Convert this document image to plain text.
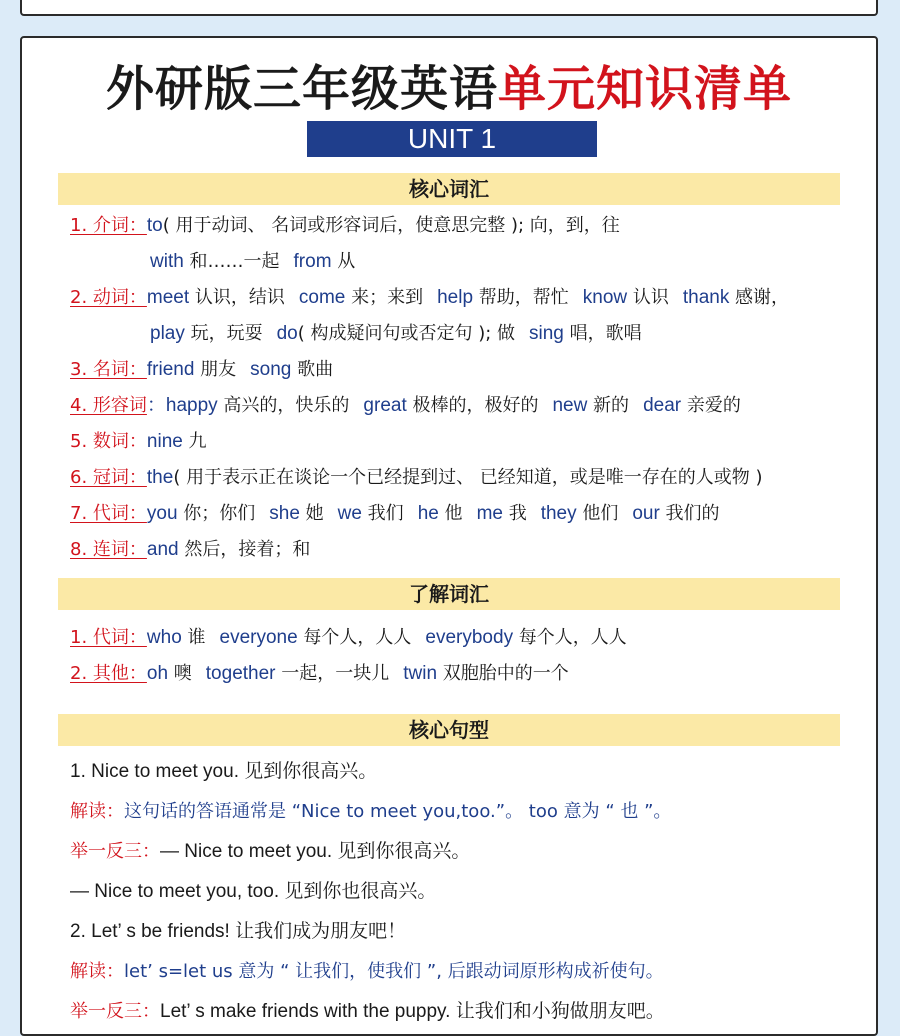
外研版三年级英语单元知识清单
UNIT 1
核心词汇
1. 介词：to( 用于动词、 名词或形容词后，使意思完整 ); 向，到，往
with 和……一起 from 从
2. 动词：meet 认识，结识 come 来；来到 help 帮助，帮忙 know 认识 thank 感谢，
play 玩，玩耍 do( 构成疑问句或否定句 ); 做 sing 唱，歌唱
3. 名词：friend 朋友 song 歌曲
4. 形容词：happy 高兴的，快乐的 great 极棒的，极好的 new 新的 dear 亲爱的
5. 数词：nine 九
6. 冠词：the( 用于表示正在谈论一个已经提到过、 已经知道，或是唯一存在的人或物 )
7. 代词：you 你；你们 she 她 we 我们 he 他 me 我 they 他们 our 我们的
8. 连词：and 然后，接着；和
了解词汇
1. 代词：who 谁 everyone 每个人，人人 everybody 每个人，人人
2. 其他：oh 噢 together 一起，一块儿 twin 双胞胎中的一个
核心句型
1. Nice to meet you. 见到你很高兴。
解读：这句话的答语通常是 “Nice to meet you,too.”。 too 意为 “ 也 ”。
举一反三：— Nice to meet you. 见到你很高兴。
— Nice to meet you, too. 见到你也很高兴。
2. Let’ s be friends! 让我们成为朋友吧！
解读：let’ s=let us 意为 “ 让我们，使我们 ”, 后跟动词原形构成祈使句。
举一反三：Let’ s make friends with the puppy. 让我们和小狗做朋友吧。
